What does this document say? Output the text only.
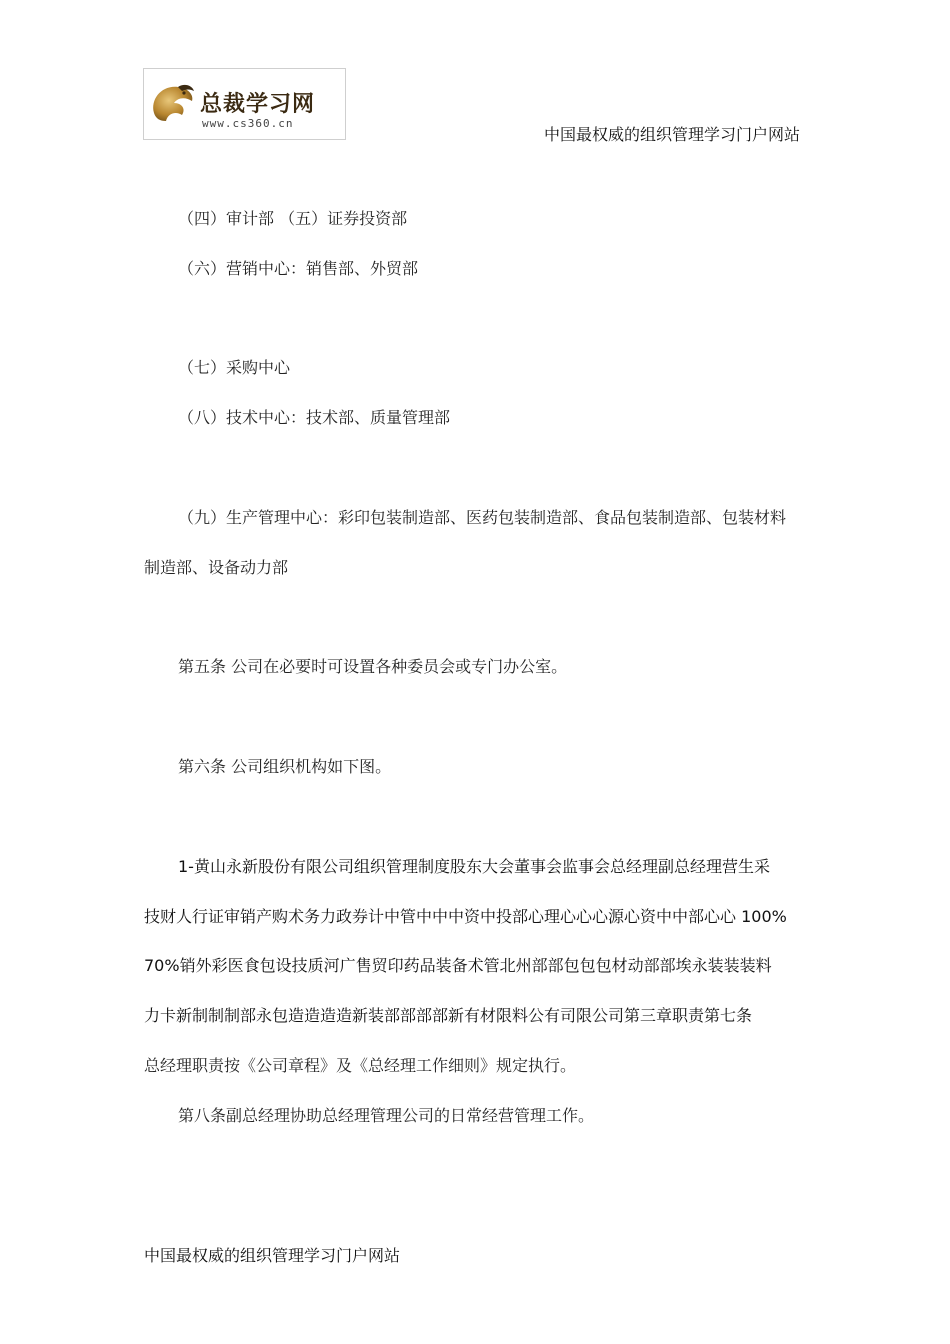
总裁学习网
www.cs360.cn
中国最权威的组织管理学习门户网站
（四）审计部 （五）证券投资部
（六）营销中心：销售部、外贸部
（七）采购中心
（八）技术中心：技术部、质量管理部
（九）生产管理中心：彩印包装制造部、医药包装制造部、食品包装制造部、包装材料
制造部、设备动力部
第五条 公司在必要时可设置各种委员会或专门办公室。
第六条 公司组织机构如下图。
1-黄山永新股份有限公司组织管理制度股东大会董事会监事会总经理副总经理营生采
技财人行证审销产购术务力政券计中管中中中资中投部心理心心心源心资中中部心心 100%
70%销外彩医食包设技质河广售贸印药品装备术管北州部部包包包材动部部埃永装装装料
力卡新制制制部永包造造造造新装部部部部新有材限料公有司限公司第三章职责第七条
总经理职责按《公司章程》及《总经理工作细则》规定执行。
第八条副总经理协助总经理管理公司的日常经营管理工作。
中国最权威的组织管理学习门户网站
